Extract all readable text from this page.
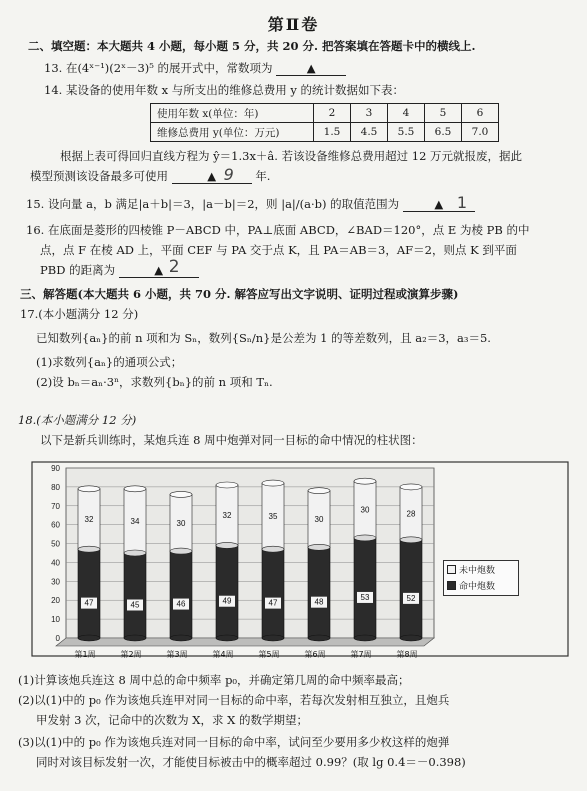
第Ⅱ卷
二、填空题：本大题共 4 小题，每小题 5 分，共 20 分. 把答案填在答题卡中的横线上.
13. 在(4ˣ⁻¹)(2ˣ－3)⁵ 的展开式中，常数项为	▲
14. 某设备的使用年数 x 与所支出的维修总费用 y 的统计数据如下表：
使用年数 x(单位：年)	2	3	4	5	6
维修总费用 y(单位：万元)	1.5	4.5	5.5	6.5	7.0
根据上表可得回归直线方程为 ŷ＝1.3x＋â. 若该设备维修总费用超过 12 万元就报废，据此
模型预测该设备最多可使用	▲ 9 年.
15. 设向量 a，b 满足|a＋b|＝3，|a－b|＝2，则 |a|/(a·b) 的取值范围为	▲ 1
16. 在底面是菱形的四棱锥 P－ABCD 中，PA⊥底面 ABCD，∠BAD＝120°，点 E 为棱 PB 的中
点，点 F 在棱 AD 上，平面 CEF 与 PA 交于点 K，且 PA＝AB＝3，AF＝2，则点 K 到平面
PBD 的距离为	▲ 2
三、解答题(本大题共 6 小题，共 70 分. 解答应写出文字说明、证明过程或演算步骤)
17.(本小题满分 12 分)
已知数列{aₙ}的前 n 项和为 Sₙ，数列{Sₙ/n}是公差为 1 的等差数列，且 a₂＝3，a₃＝5.
(1)求数列{aₙ}的通项公式；
(2)设 bₙ＝aₙ·3ⁿ，求数列{bₙ}的前 n 项和 Tₙ.
18.(本小题满分 12 分)
以下是新兵训练时，某炮兵连 8 周中炮弹对同一目标的命中情况的柱状图：
0
10
20
30
40
50
60
70
80
90
47
32
第1周
45
34
第2周
46
30
第3周
49
32
第4周
47
35
第5周
48
30
第6周
53
30
第7周
52
28
第8周
未中炮数
命中炮数
(1)计算该炮兵连这 8 周中总的命中频率 p₀，并确定第几周的命中频率最高；
(2)以(1)中的 p₀ 作为该炮兵连甲对同一目标的命中率，若每次发射相互独立，且炮兵
甲发射 3 次，记命中的次数为 X，求 X 的数学期望；
(3)以(1)中的 p₀ 作为该炮兵连对同一目标的命中率，试问至少要用多少枚这样的炮弹
同时对该目标发射一次，才能使目标被击中的概率超过 0.99？(取 lg 0.4＝－0.398)
